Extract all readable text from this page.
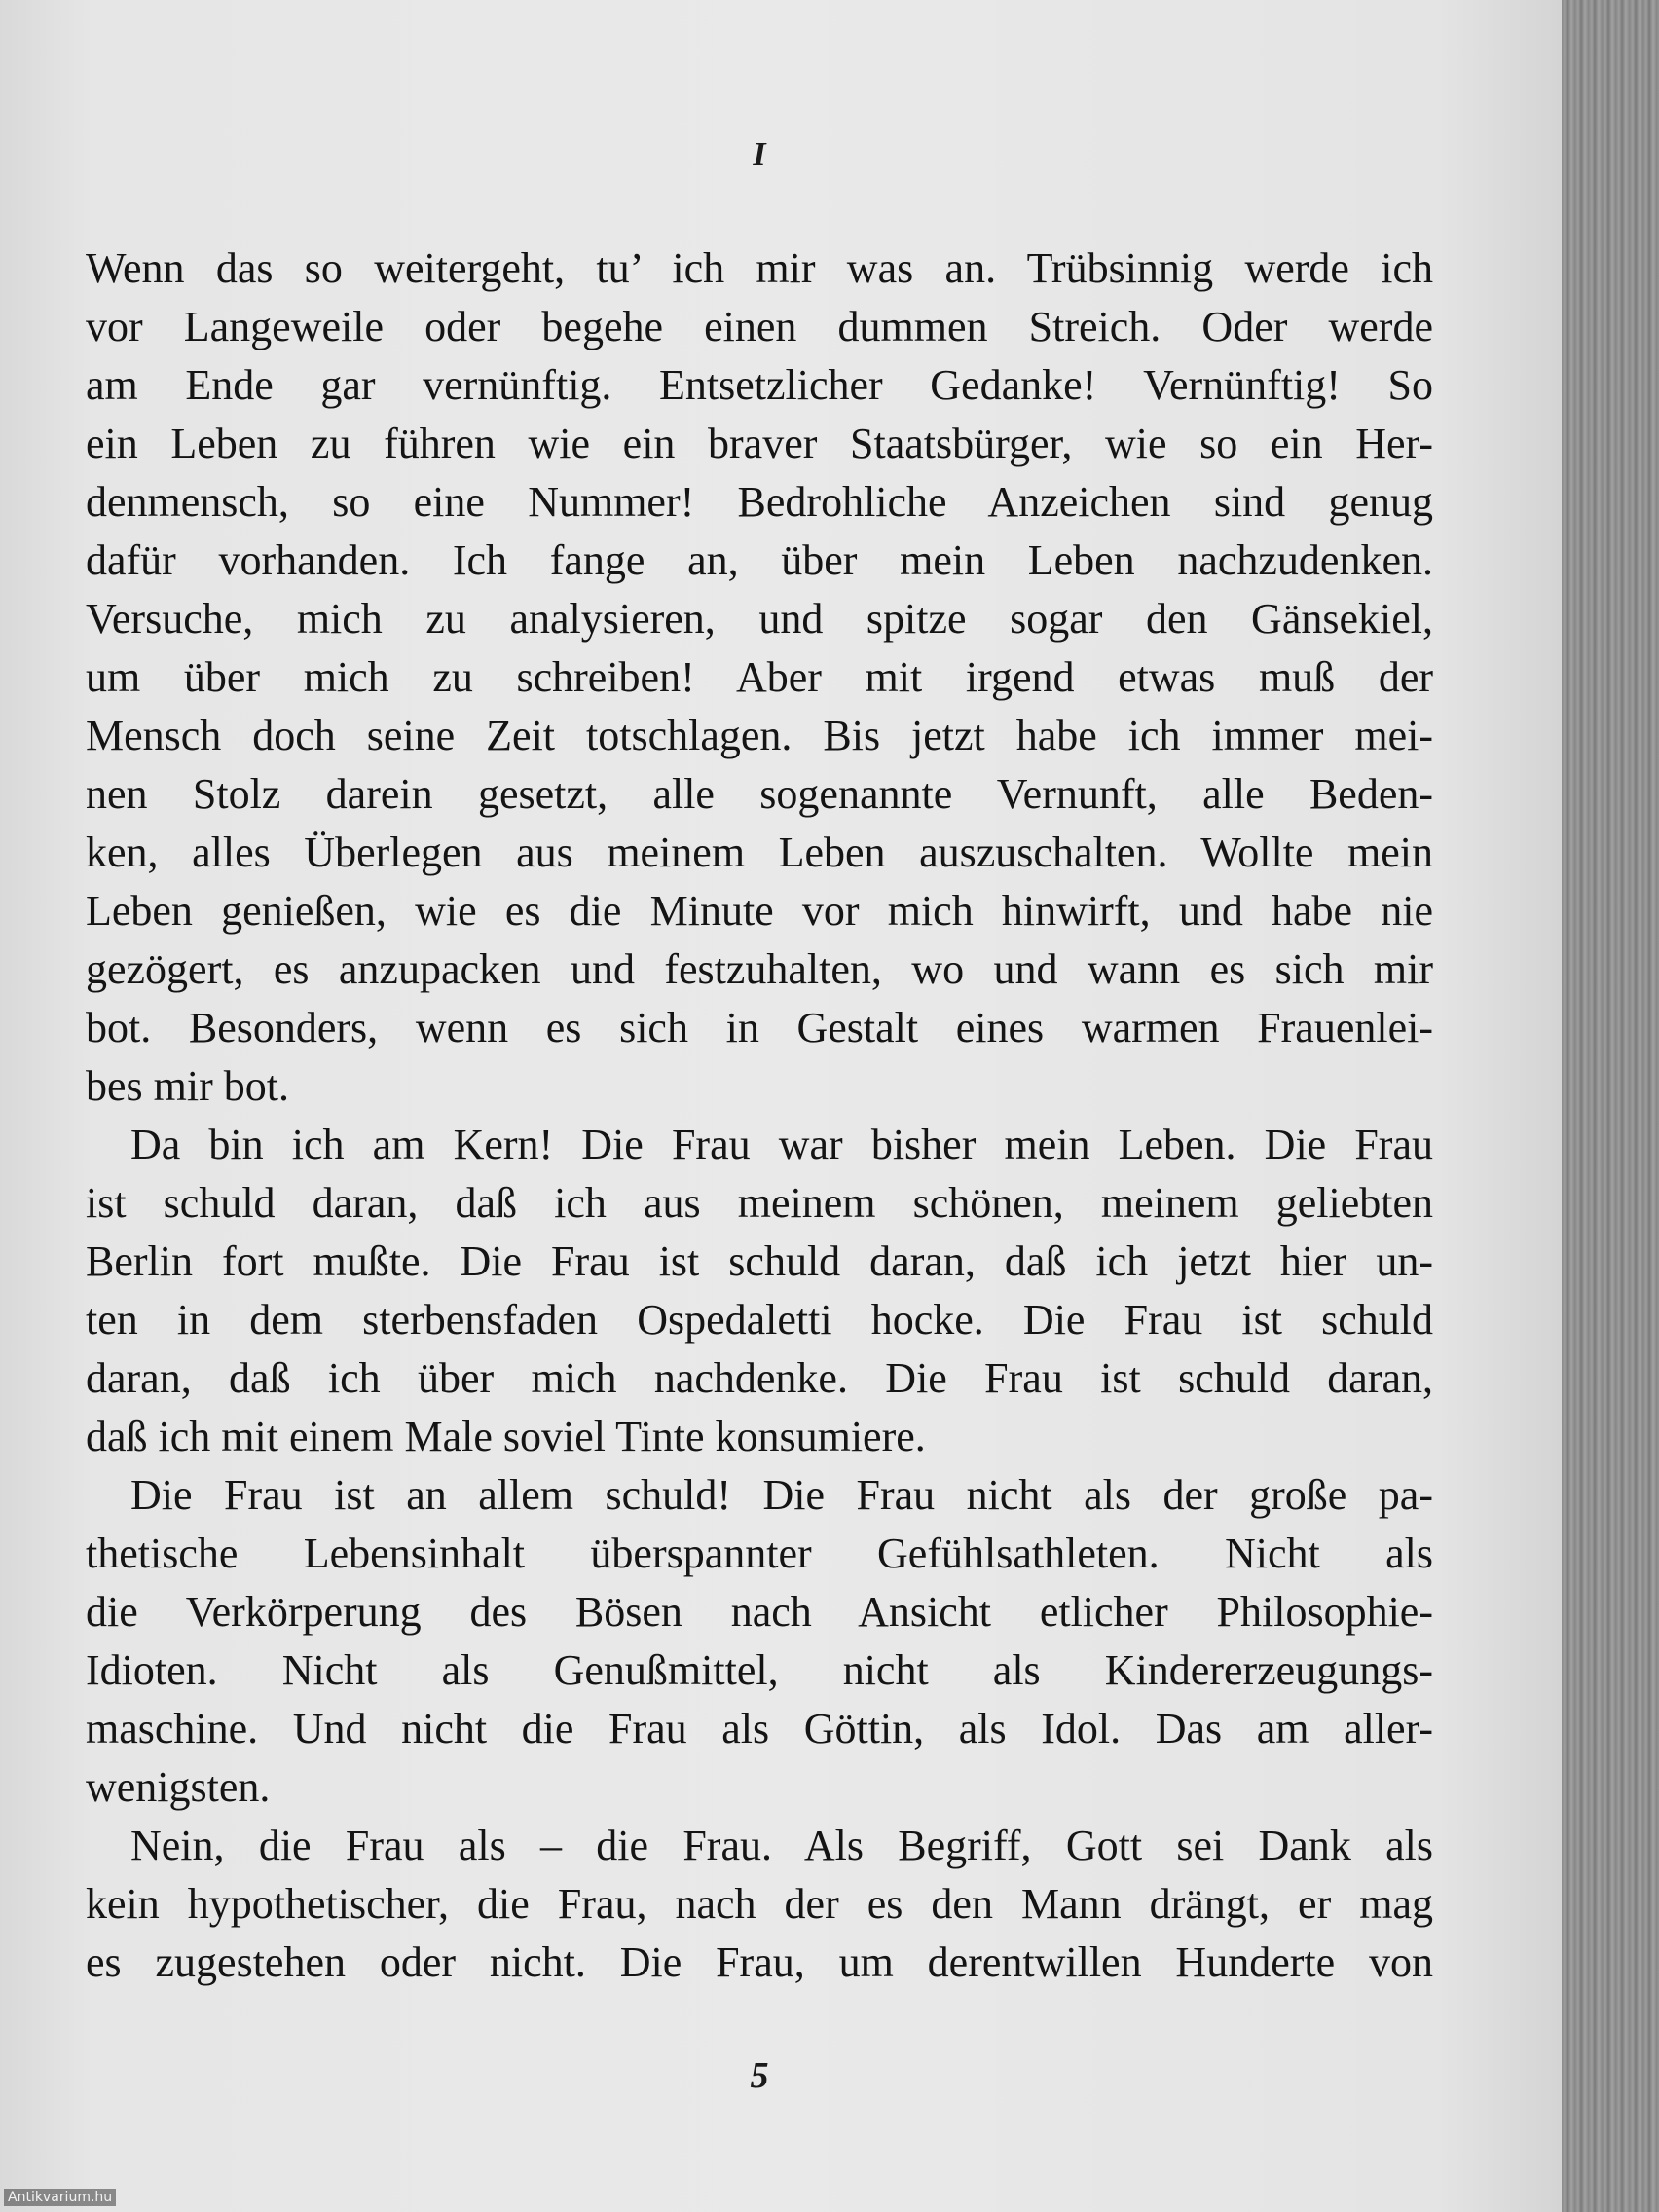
I

Wenn das so weitergeht, tu’ ich mir was an. Trübsinnig werde ich
vor Langeweile oder begehe einen dummen Streich. Oder werde
am Ende gar vernünftig. Entsetzlicher Gedanke! Vernünftig! So
ein Leben zu führen wie ein braver Staatsbürger, wie so ein Her-
denmensch, so eine Nummer! Bedrohliche Anzeichen sind genug
dafür vorhanden. Ich fange an, über mein Leben nachzudenken.
Versuche, mich zu analysieren, und spitze sogar den Gänsekiel,
um über mich zu schreiben! Aber mit irgend etwas muß der
Mensch doch seine Zeit totschlagen. Bis jetzt habe ich immer mei-
nen Stolz darein gesetzt, alle sogenannte Vernunft, alle Beden-
ken, alles Überlegen aus meinem Leben auszuschalten. Wollte mein
Leben genießen, wie es die Minute vor mich hinwirft, und habe nie
gezögert, es anzupacken und festzuhalten, wo und wann es sich mir
bot. Besonders, wenn es sich in Gestalt eines warmen Frauenlei-
bes mir bot.

Da bin ich am Kern! Die Frau war bisher mein Leben. Die Frau
ist schuld daran, daß ich aus meinem schönen, meinem geliebten
Berlin fort mußte. Die Frau ist schuld daran, daß ich jetzt hier un-
ten in dem sterbensfaden Ospedaletti hocke. Die Frau ist schuld
daran, daß ich über mich nachdenke. Die Frau ist schuld daran,
daß ich mit einem Male soviel Tinte konsumiere.

Die Frau ist an allem schuld! Die Frau nicht als der große pa-
thetische Lebensinhalt überspannter Gefühlsathleten. Nicht als
die Verkörperung des Bösen nach Ansicht etlicher Philosophie-
Idioten. Nicht als Genußmittel, nicht als Kindererzeugungs-
maschine. Und nicht die Frau als Göttin, als Idol. Das am aller-
wenigsten.

Nein, die Frau als – die Frau. Als Begriff, Gott sei Dank als
kein hypothetischer, die Frau, nach der es den Mann drängt, er mag
es zugestehen oder nicht. Die Frau, um derentwillen Hunderte von

5
Antikvarium.hu
